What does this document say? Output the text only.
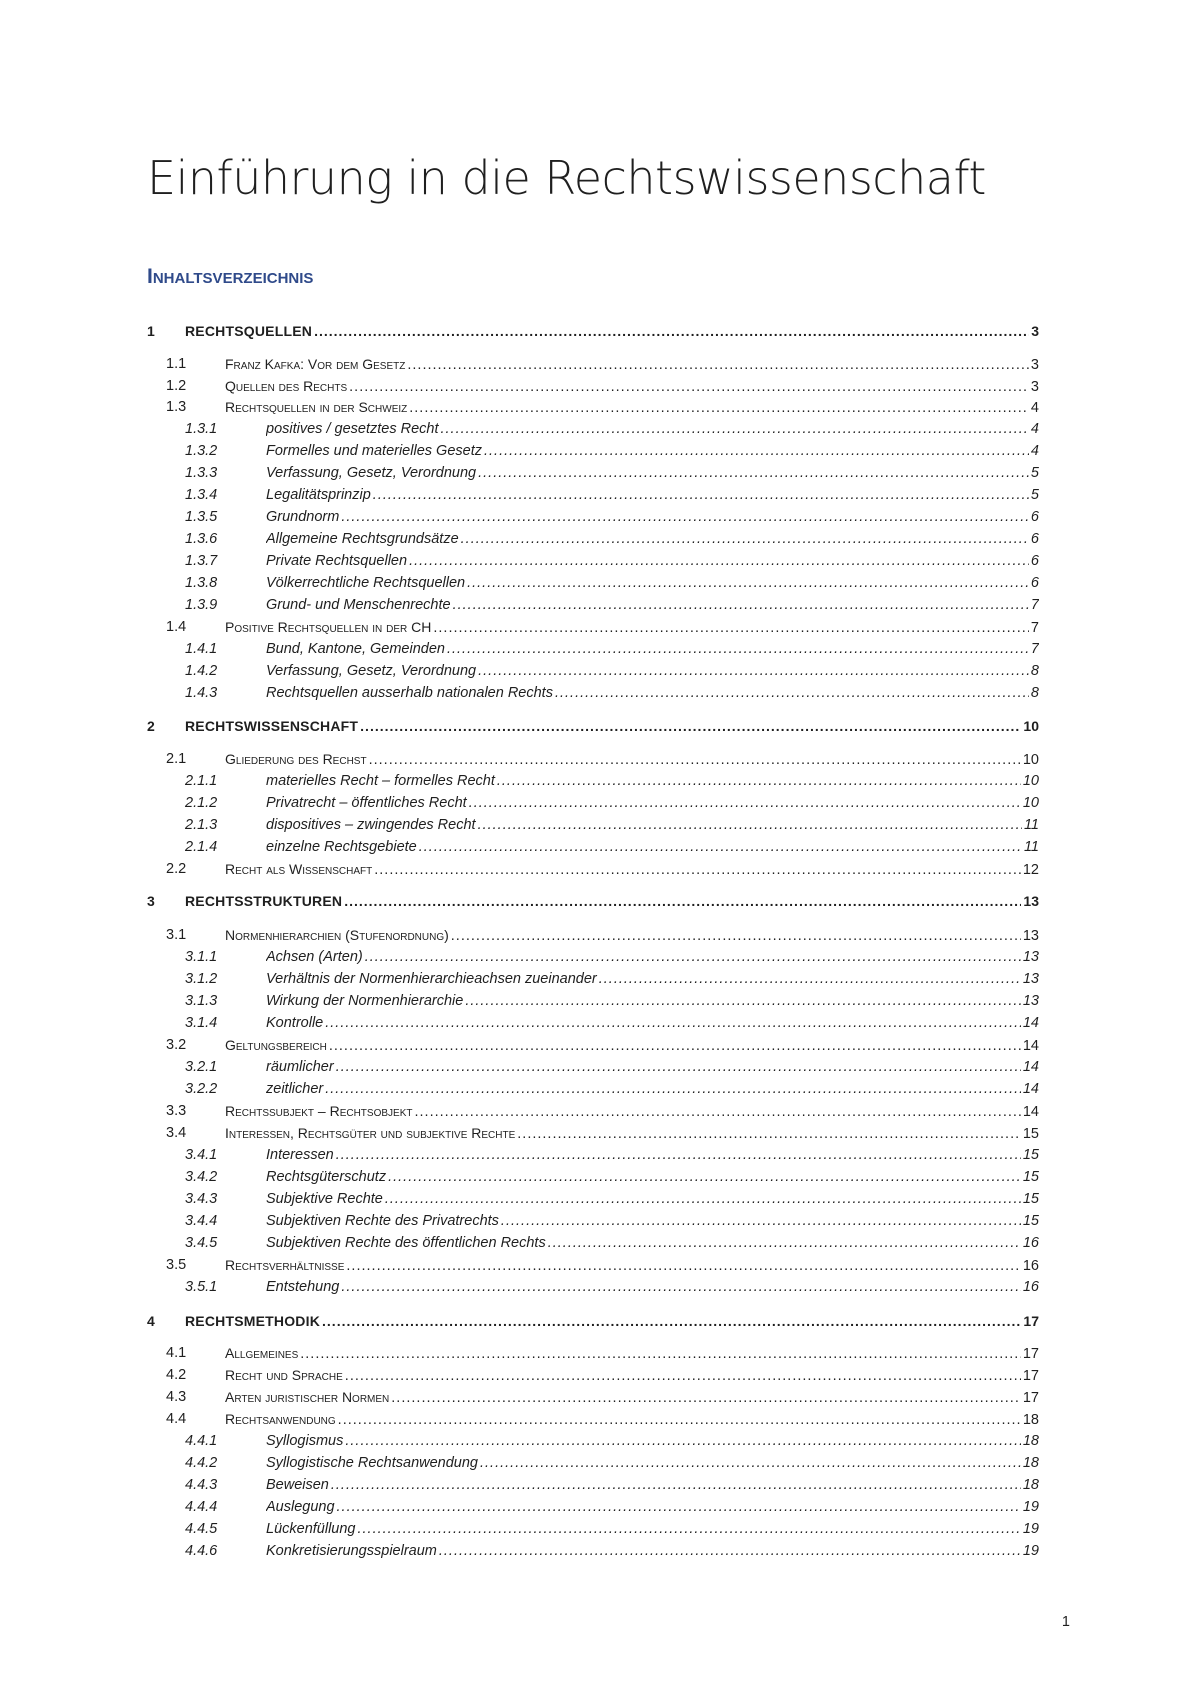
Einführung in die Rechtswissenschaft
Inhaltsverzeichnis
1 RECHTSQUELLEN .....	3
1.1	Franz Kafka: Vor dem Gesetz .....	3
1.2	Quellen des Rechts .....	3
1.3	Rechtsquellen in der Schweiz .....	4
1.3.1	positives / gesetztes Recht .....	4
1.3.2	Formelles und materielles Gesetz .....	4
1.3.3	Verfassung, Gesetz, Verordnung .....	5
1.3.4	Legalitätsprinzip .....	5
1.3.5	Grundnorm .....	6
1.3.6	Allgemeine Rechtsgrundsätze .....	6
1.3.7	Private Rechtsquellen .....	6
1.3.8	Völkerrechtliche Rechtsquellen .....	6
1.3.9	Grund- und Menschenrechte .....	7
1.4	Positive Rechtsquellen in der CH .....	7
1.4.1	Bund, Kantone, Gemeinden .....	7
1.4.2	Verfassung, Gesetz, Verordnung .....	8
1.4.3	Rechtsquellen ausserhalb nationalen Rechts .....	8
2 RECHTSWISSENSCHAFT .....	10
2.1	Gliederung des Rechst .....	10
2.1.1	materielles Recht – formelles Recht .....	10
2.1.2	Privatrecht – öffentliches Recht .....	10
2.1.3	dispositives – zwingendes Recht .....	11
2.1.4	einzelne Rechtsgebiete .....	11
2.2	Recht als Wissenschaft .....	12
3 RECHTSSTRUKTUREN .....	13
3.1	Normenhierarchien (Stufenordnung) .....	13
3.1.1	Achsen (Arten) .....	13
3.1.2	Verhältnis der Normenhierarchieachsen zueinander .....	13
3.1.3	Wirkung der Normenhierarchie .....	13
3.1.4	Kontrolle .....	14
3.2	Geltungsbereich .....	14
3.2.1	räumlicher .....	14
3.2.2	zeitlicher .....	14
3.3	Rechtssubjekt – Rechtsobjekt .....	14
3.4	Interessen, Rechtsgüter und subjektive Rechte .....	15
3.4.1	Interessen .....	15
3.4.2	Rechtsgüterschutz .....	15
3.4.3	Subjektive Rechte .....	15
3.4.4	Subjektiven Rechte des Privatrechts .....	15
3.4.5	Subjektiven Rechte des öffentlichen Rechts .....	16
3.5	Rechtsverhältnisse .....	16
3.5.1	Entstehung .....	16
4 RECHTSMETHODIK .....	17
4.1	Allgemeines .....	17
4.2	Recht und Sprache .....	17
4.3	Arten juristischer Normen .....	17
4.4	Rechtsanwendung .....	18
4.4.1	Syllogismus .....	18
4.4.2	Syllogistische Rechtsanwendung .....	18
4.4.3	Beweisen .....	18
4.4.4	Auslegung .....	19
4.4.5	Lückenfüllung .....	19
4.4.6	Konkretisierungsspielraum .....	19
1
